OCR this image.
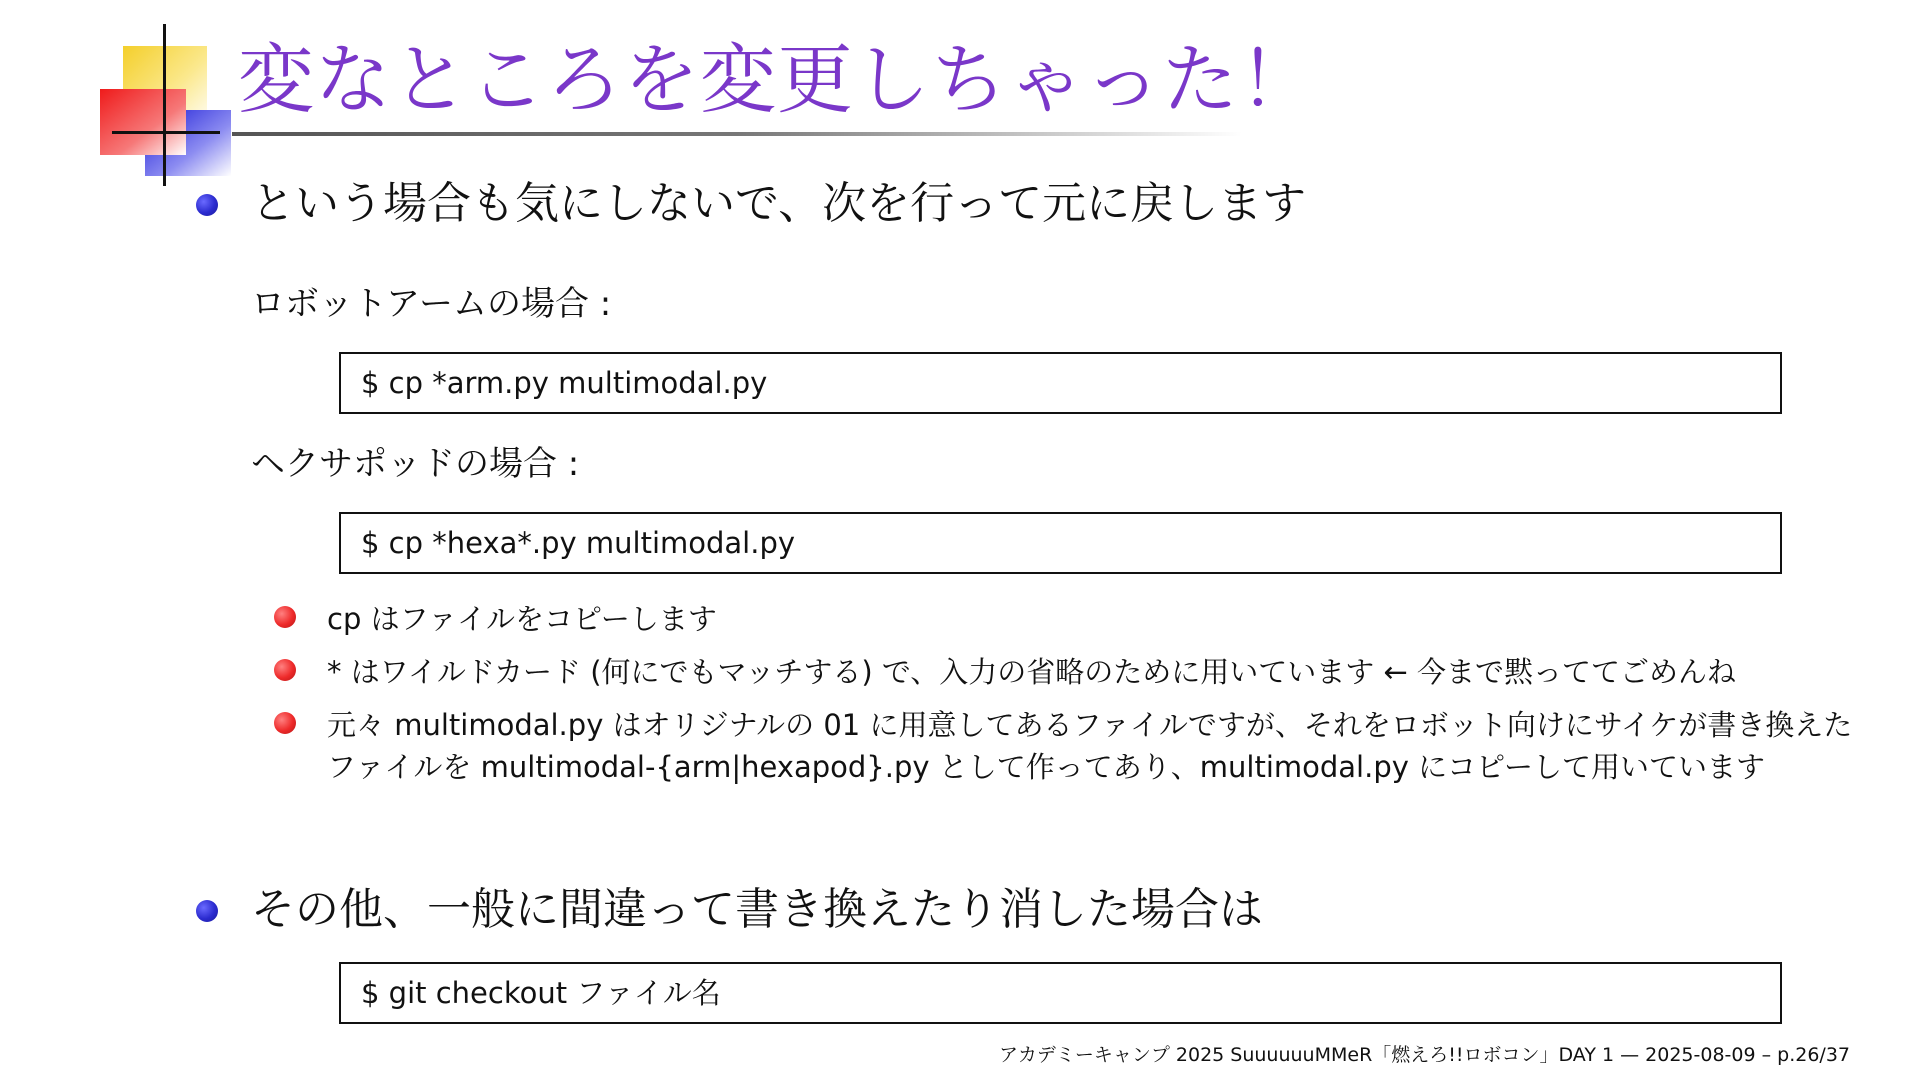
変なところを変更しちゃった！
という場合も気にしないで、次を行って元に戻します
ロボットアームの場合 :
$ cp *arm.py multimodal.py
ヘクサポッドの場合 :
$ cp *hexa*.py multimodal.py
cp はファイルをコピーします
* はワイルドカード (何にでもマッチする) で、入力の省略のために用いています ← 今まで黙っててごめんね
元々 multimodal.py はオリジナルの 01 に用意してあるファイルですが、それをロボット向けにサイケが書き換えた
ファイルを multimodal-{arm|hexapod}.py として作ってあり、multimodal.py にコピーして用いています
その他、一般に間違って書き換えたり消した場合は
$ git checkout ファイル名
アカデミーキャンプ 2025 SuuuuuuMMeR「燃えろ!!ロボコン」DAY 1 — 2025-08-09 – p.26/37
